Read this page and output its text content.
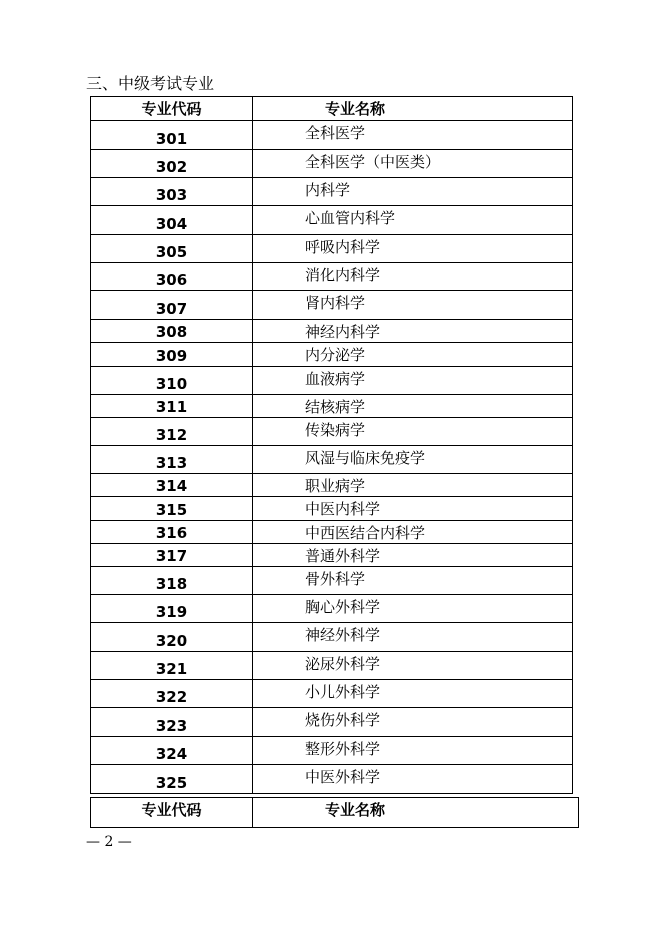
三、中级考试专业
专业代码	专业名称
301	全科医学
302	全科医学（中医类）
303	内科学
304	心血管内科学
305	呼吸内科学
306	消化内科学
307	肾内科学
308	神经内科学
309	内分泌学
310	血液病学
311	结核病学
312	传染病学
313	风湿与临床免疫学
314	职业病学
315	中医内科学
316	中西医结合内科学
317	普通外科学
318	骨外科学
319	胸心外科学
320	神经外科学
321	泌尿外科学
322	小儿外科学
323	烧伤外科学
324	整形外科学
325	中医外科学
专业代码	专业名称
— 2 —
